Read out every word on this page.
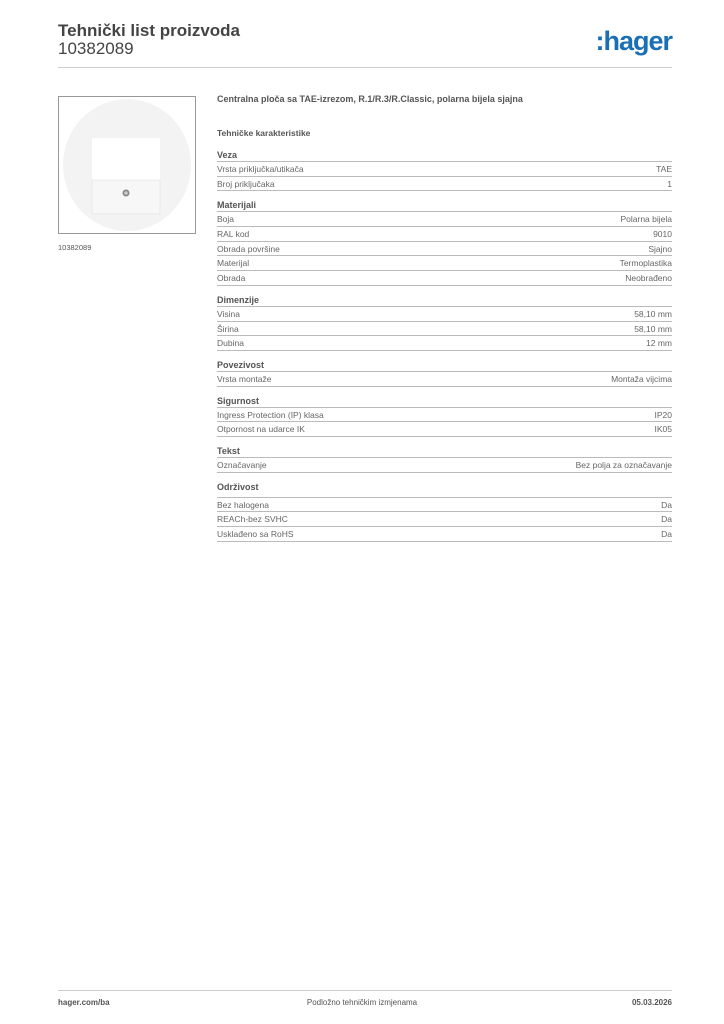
Tehnički list proizvoda
10382089	:hager
10382089
Centralna ploča sa TAE-izrezom, R.1/R.3/R.Classic, polarna bijela sjajna
Tehničke karakteristike
Veza
Vrsta priključka/utikača	TAE
Broj priključaka	1
Materijali
Boja	Polarna bijela
RAL kod	9010
Obrada površine	Sjajno
Materijal	Termoplastika
Obrada	Neobrađeno
Dimenzije
Visina	58,10 mm
Širina	58,10 mm
Dubina	12 mm
Povezivost
Vrsta montaže	Montaža vijcima
Sigurnost
Ingress Protection (IP) klasa	IP20
Otpornost na udarce IK	IK05
Tekst
Označavanje	Bez polja za označavanje
Održivost
Bez halogena	Da
REACh-bez SVHC	Da
Usklađeno sa RoHS	Da
hager.com/ba	Podložno tehničkim izmjenama	05.03.2026
